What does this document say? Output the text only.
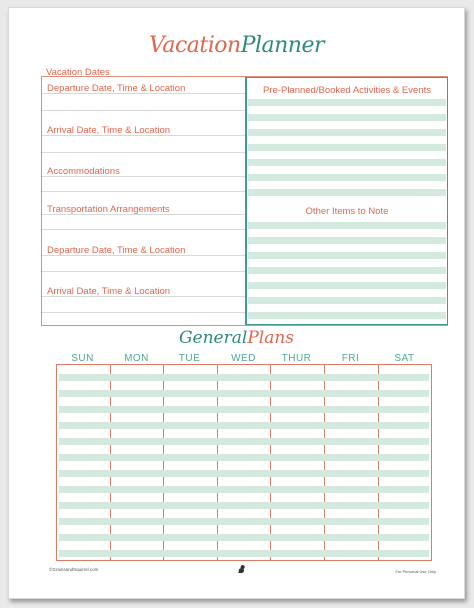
VacationPlanner
Vacation Dates
Departure Date, Time & Location
Arrival Date, Time & Location
Accommodations
Transportation Arrangements
Departure Date, Time & Location
Arrival Date, Time & Location
Pre-Planned/Booked Activities & Events
Other Items to Note
GeneralPlans
SUN	MON	TUE	WED	THUR	FRI	SAT
©GrainsandSquirrel.com	For Personal Use Only
